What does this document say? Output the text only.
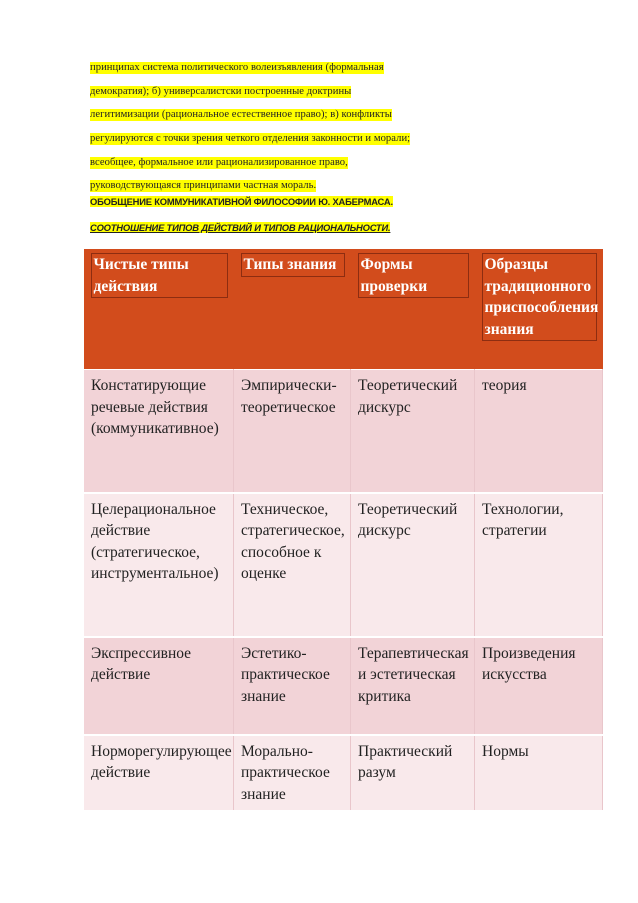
принципах система политического волеизъявления (формальная
демократия); б) универсалистски построенные доктрины
легитимизации (рациональное естественное право); в) конфликты
регулируются с точки зрения четкого отделения законности и морали;
всеобщее, формальное или рационализированное право,
руководствующаяся принципами частная мораль.
ОБОБЩЕНИЕ КОММУНИКАТИВНОЙ ФИЛОСОФИИ Ю. ХАБЕРМАСА.
СООТНОШЕНИЕ ТИПОВ ДЕЙСТВИЙ И ТИПОВ РАЦИОНАЛЬНОСТИ.
Чистые типы действия	Типы знания	Формы проверки	Образцы традиционного приспособления знания

Констатирующие речевые действия (коммуникативное)	Эмпирически-теоретическое	Теоретический дискурс	теория
Целерациональное действие (стратегическое, инструментальное)	Техническое, стратегическое, способное к оценке	Теоретический дискурс	Технологии, стратегии
Экспрессивное действие	Эстетико-практическое знание	Терапевтическая и эстетическая критика	Произведения искусства
Норморегулирующее действие	Морально-практическое знание	Практический разум	Нормы
